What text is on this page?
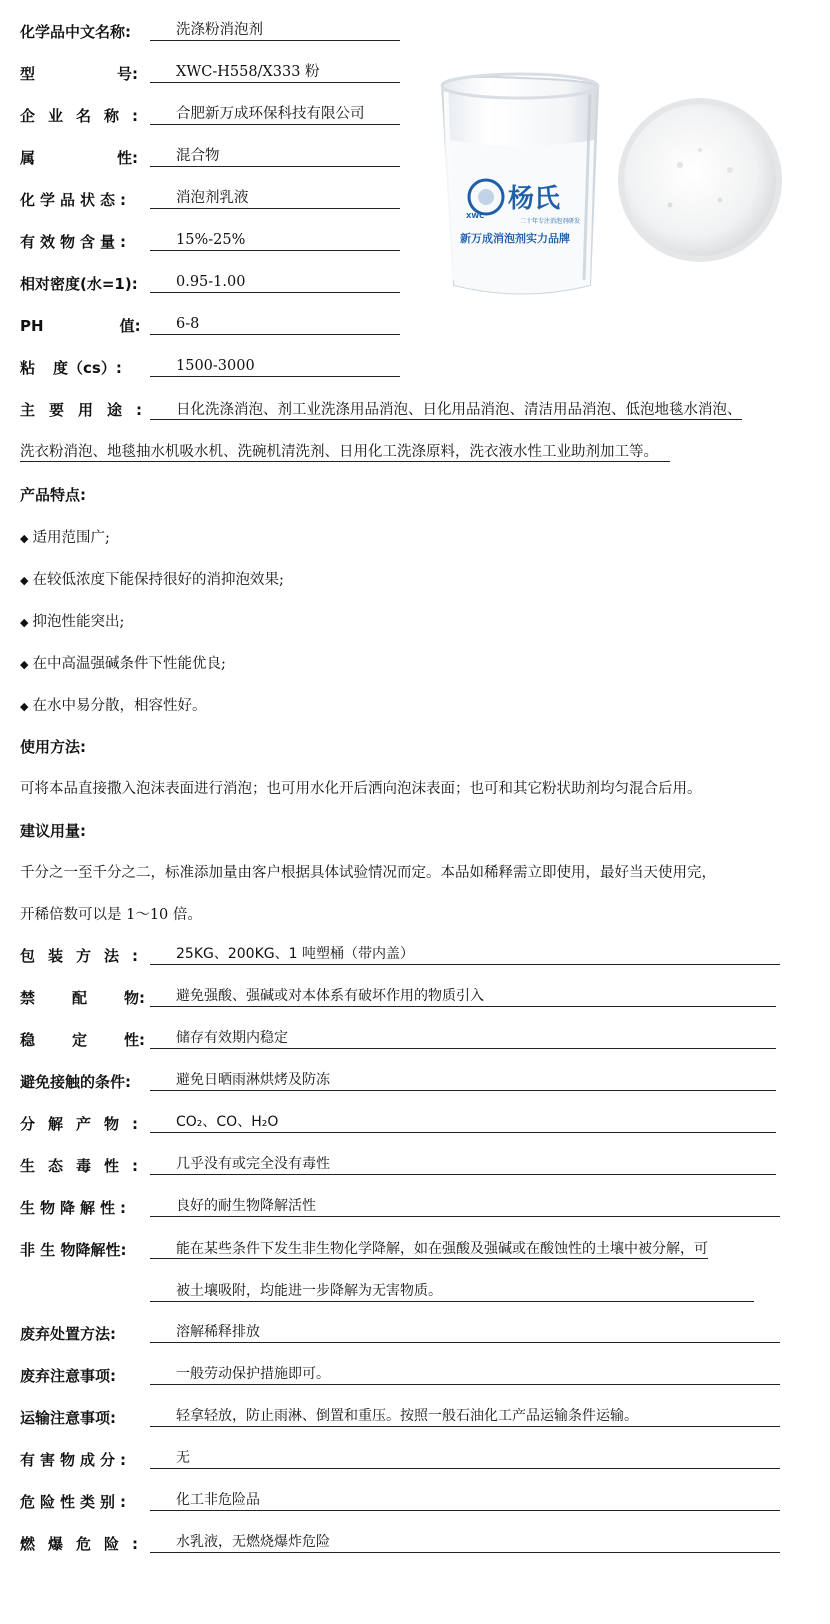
化学品中文名称:	洗涤粉消泡剂
型	号:	XWC-H558/X333 粉
企业名称:	合肥新万成环保科技有限公司
属	性:	混合物
化学品状态:	消泡剂乳液
有效物含量:	15%-25%
相对密度(水=1):	0.95-1.00
PH	值:	6-8
粘 度（cs）:	1500-3000
XWC
杨氏
二十年专注消泡剂研发
新万成消泡剂实力品牌
主要用途:	日化洗涤消泡、剂工业洗涤用品消泡、日化用品消泡、清洁用品消泡、低泡地毯水消泡、
洗衣粉消泡、地毯抽水机吸水机、洗碗机清洗剂、日用化工洗涤原料，洗衣液水性工业助剂加工等。
产品特点:
◆ 适用范围广;
◆ 在较低浓度下能保持很好的消抑泡效果;
◆ 抑泡性能突出;
◆ 在中高温强碱条件下性能优良;
◆ 在水中易分散，相容性好。
使用方法:
可将本品直接撒入泡沫表面进行消泡；也可用水化开后洒向泡沫表面；也可和其它粉状助剂均匀混合后用。
建议用量:
千分之一至千分之二，标准添加量由客户根据具体试验情况而定。本品如稀释需立即使用，最好当天使用完，
开稀倍数可以是 1～10 倍。
包装方法:	25KG、200KG、1 吨塑桶（带内盖）
禁 配 物:	避免强酸、强碱或对本体系有破坏作用的物质引入
稳 定 性:	储存有效期内稳定
避免接触的条件:	避免日晒雨淋烘烤及防冻
分解产物:	CO₂、CO、H₂O
生态毒性:	几乎没有或完全没有毒性
生物降解性:	良好的耐生物降解活性
非 生 物降解性:	能在某些条件下发生非生物化学降解，如在强酸及强碱或在酸蚀性的土壤中被分解，可
被土壤吸附，均能进一步降解为无害物质。
废弃处置方法:	溶解稀释排放
废弃注意事项:	一般劳动保护措施即可。
运输注意事项:	轻拿轻放，防止雨淋、倒置和重压。按照一般石油化工产品运输条件运输。
有害物成分:	无
危险性类别:	化工非危险品
燃爆危险:	水乳液，无燃烧爆炸危险
